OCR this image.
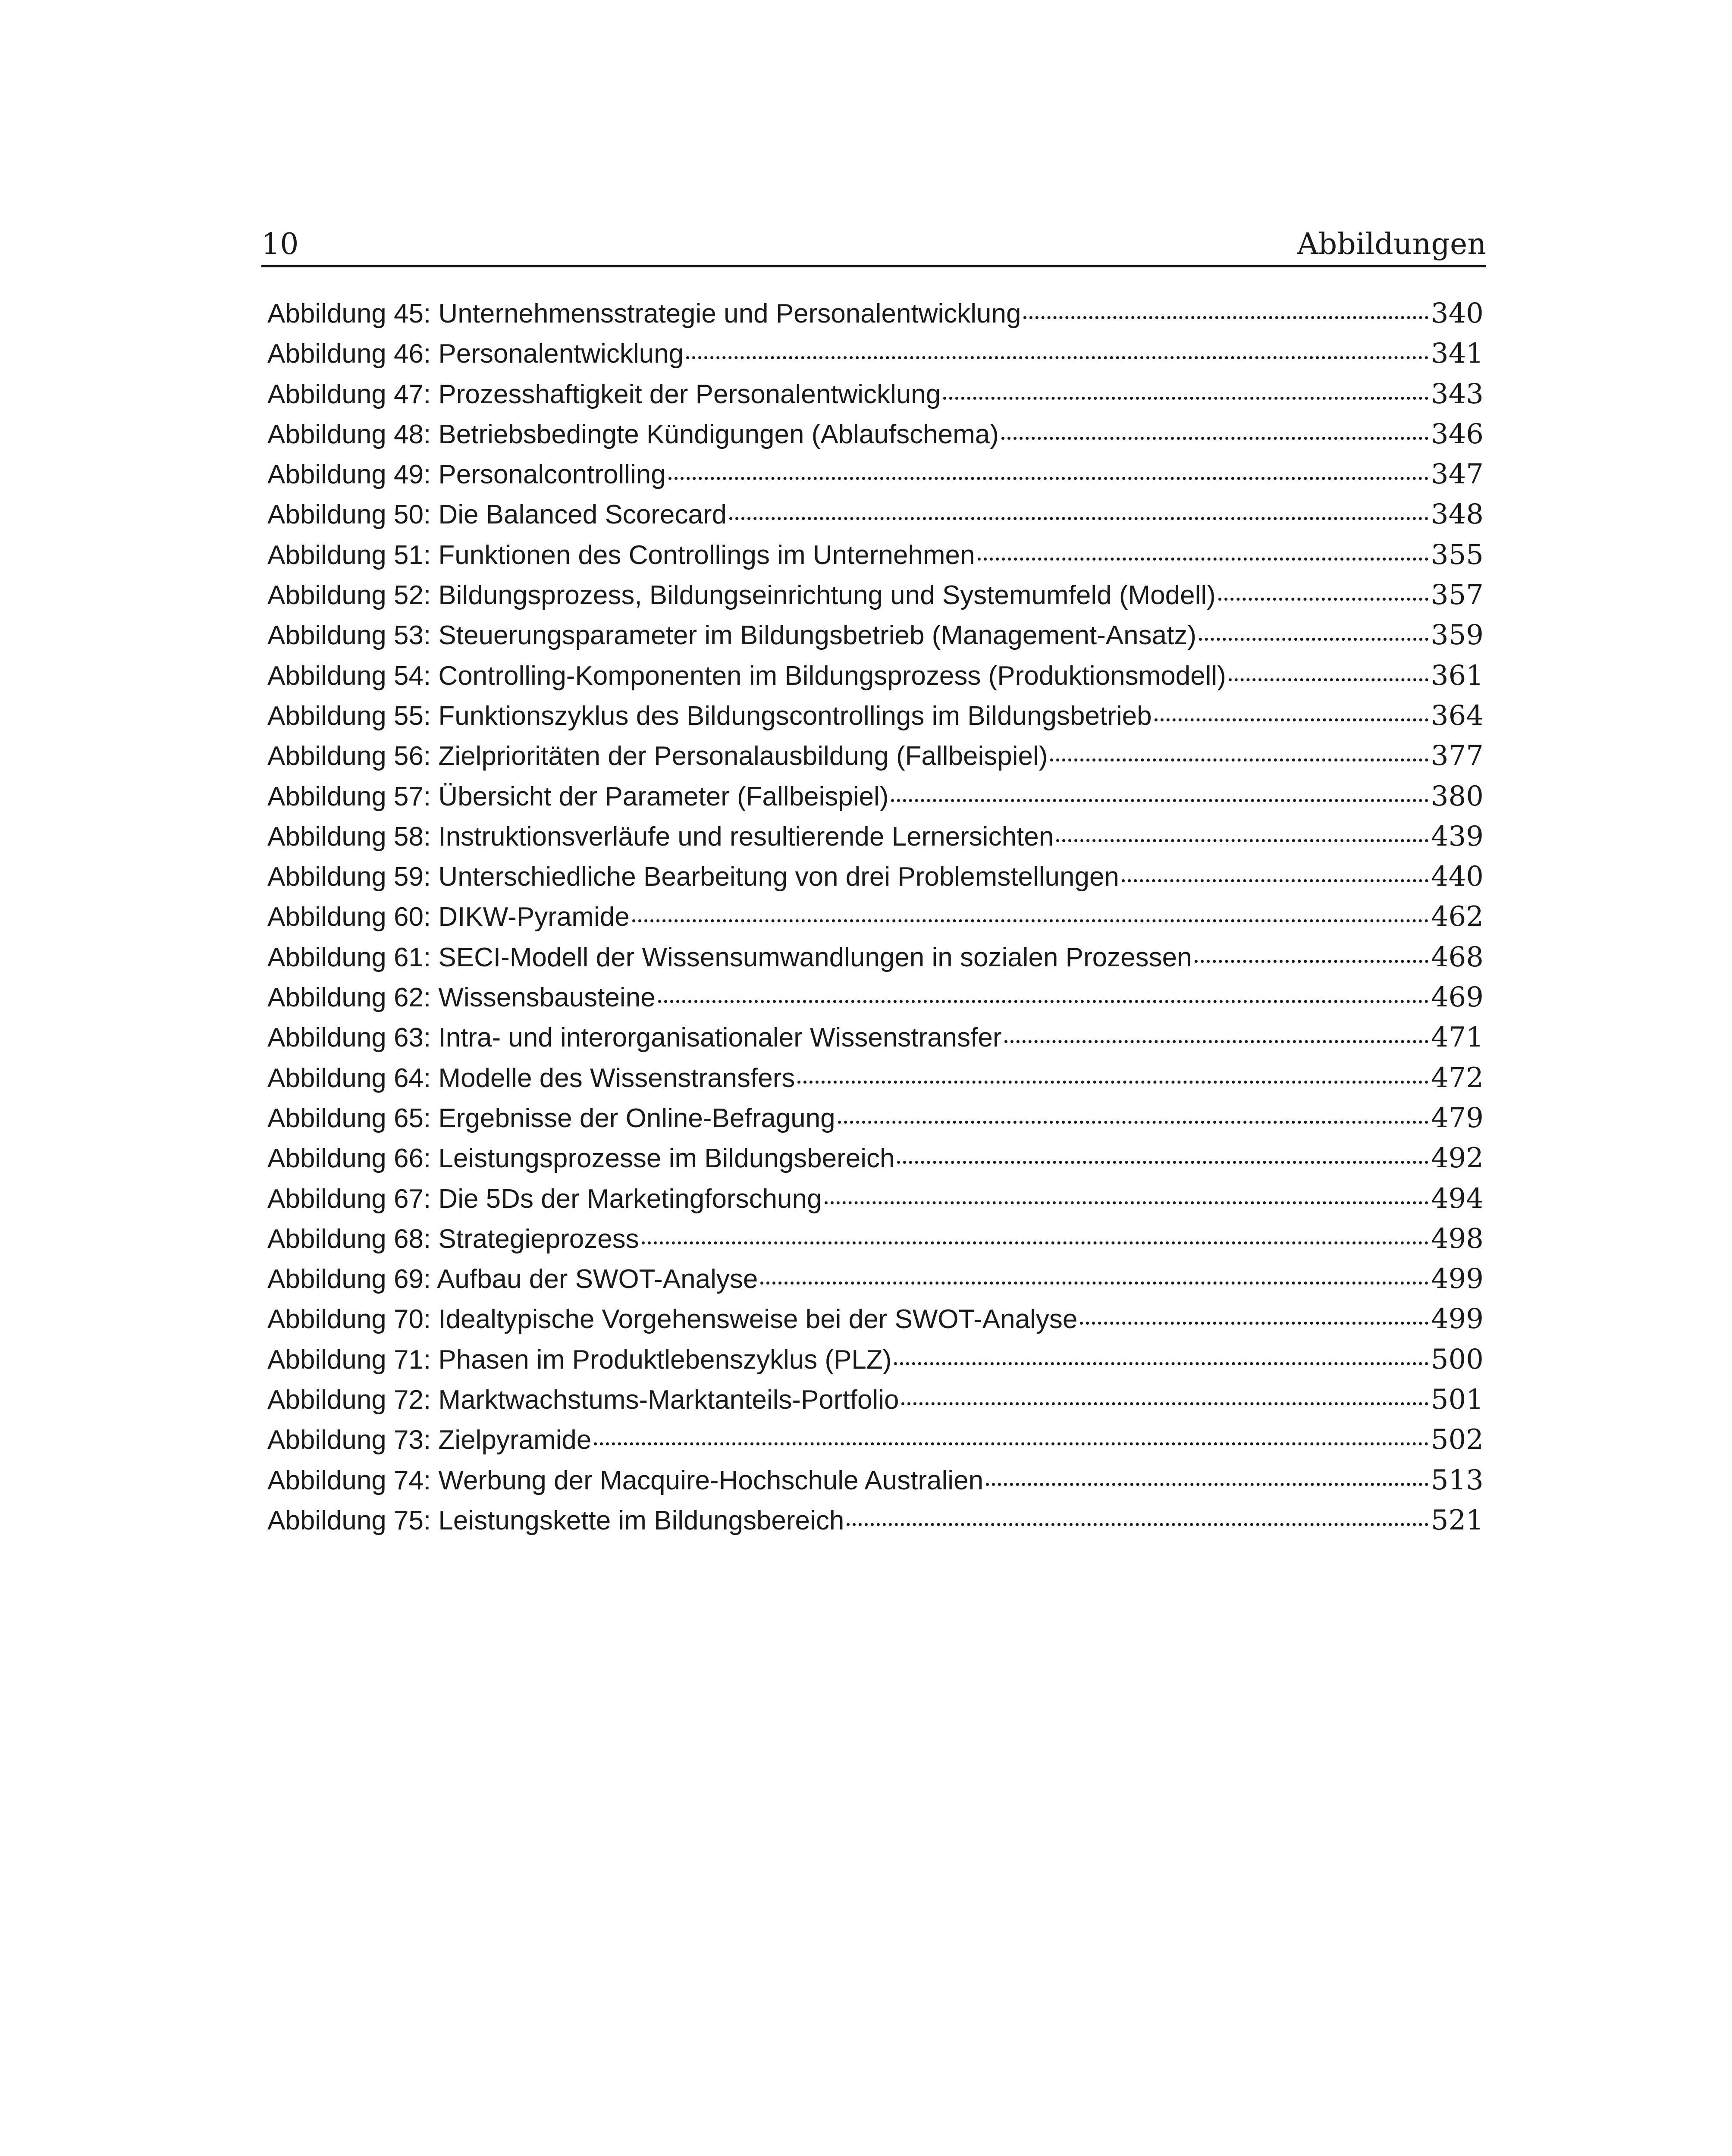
10	Abbildungen
Abbildung 45: Unternehmensstrategie und Personalentwicklung	340
Abbildung 46: Personalentwicklung	341
Abbildung 47: Prozesshaftigkeit der Personalentwicklung	343
Abbildung 48: Betriebsbedingte Kündigungen (Ablaufschema)	346
Abbildung 49: Personalcontrolling	347
Abbildung 50: Die Balanced Scorecard	348
Abbildung 51: Funktionen des Controllings im Unternehmen	355
Abbildung 52: Bildungsprozess, Bildungseinrichtung und Systemumfeld (Modell)	357
Abbildung 53: Steuerungsparameter im Bildungsbetrieb (Management-Ansatz)	359
Abbildung 54: Controlling-Komponenten im Bildungsprozess (Produktionsmodell)	361
Abbildung 55: Funktionszyklus des Bildungscontrollings im Bildungsbetrieb	364
Abbildung 56: Zielprioritäten der Personalausbildung (Fallbeispiel)	377
Abbildung 57: Übersicht der Parameter (Fallbeispiel)	380
Abbildung 58: Instruktionsverläufe und resultierende Lernersichten	439
Abbildung 59: Unterschiedliche Bearbeitung von drei Problemstellungen	440
Abbildung 60: DIKW-Pyramide	462
Abbildung 61: SECI-Modell der Wissensumwandlungen in sozialen Prozessen	468
Abbildung 62: Wissensbausteine	469
Abbildung 63: Intra- und interorganisationaler Wissenstransfer	471
Abbildung 64: Modelle des Wissenstransfers	472
Abbildung 65: Ergebnisse der Online-Befragung	479
Abbildung 66: Leistungsprozesse im Bildungsbereich	492
Abbildung 67: Die 5Ds der Marketingforschung	494
Abbildung 68: Strategieprozess	498
Abbildung 69: Aufbau der SWOT-Analyse	499
Abbildung 70: Idealtypische Vorgehensweise bei der SWOT-Analyse	499
Abbildung 71: Phasen im Produktlebenszyklus (PLZ)	500
Abbildung 72: Marktwachstums-Marktanteils-Portfolio	501
Abbildung 73: Zielpyramide	502
Abbildung 74: Werbung der Macquire-Hochschule Australien	513
Abbildung 75: Leistungskette im Bildungsbereich	521
